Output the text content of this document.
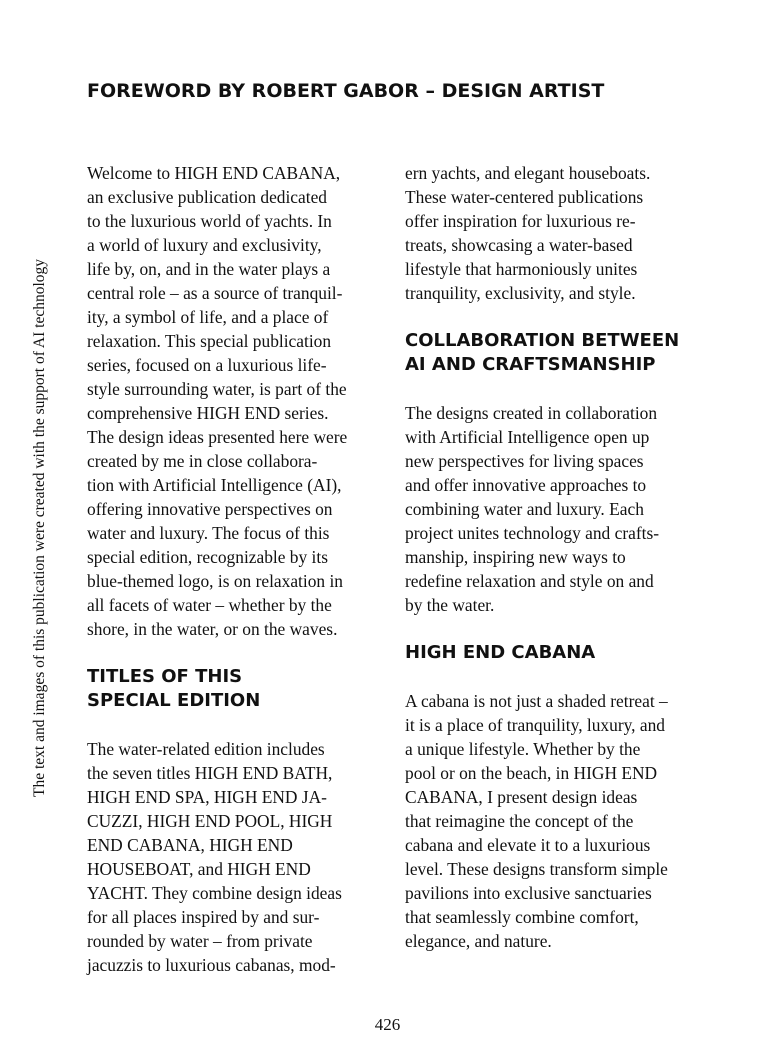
FOREWORD BY ROBERT GABOR – DESIGN ARTIST
The text and images of this publication were created with the support of AI technology
Welcome to HIGH END CABANA,
an exclusive publication dedicated
to the luxurious world of yachts. In
a world of luxury and exclusivity,
life by, on, and in the water plays a
central role – as a source of tranquil-
ity, a symbol of life, and a place of
relaxation. This special publication
series, focused on a luxurious life-
style surrounding water, is part of the
comprehensive HIGH END series.
The design ideas presented here were
created by me in close collabora-
tion with Artificial Intelligence (AI),
offering innovative perspectives on
water and luxury. The focus of this
special edition, recognizable by its
blue-themed logo, is on relaxation in
all facets of water – whether by the
shore, in the water, or on the waves.
TITLES OF THIS
SPECIAL EDITION
The water-related edition includes
the seven titles HIGH END BATH,
HIGH END SPA, HIGH END JA-
CUZZI, HIGH END POOL, HIGH
END CABANA, HIGH END
HOUSEBOAT, and HIGH END
YACHT. They combine design ideas
for all places inspired by and sur-
rounded by water – from private
jacuzzis to luxurious cabanas, mod-
ern yachts, and elegant houseboats.
These water-centered publications
offer inspiration for luxurious re-
treats, showcasing a water-based
lifestyle that harmoniously unites
tranquility, exclusivity, and style.
COLLABORATION BETWEEN
AI AND CRAFTSMANSHIP
The designs created in collaboration
with Artificial Intelligence open up
new perspectives for living spaces
and offer innovative approaches to
combining water and luxury. Each
project unites technology and crafts-
manship, inspiring new ways to
redefine relaxation and style on and
by the water.
HIGH END CABANA
A cabana is not just a shaded retreat –
it is a place of tranquility, luxury, and
a unique lifestyle. Whether by the
pool or on the beach, in HIGH END
CABANA, I present design ideas
that reimagine the concept of the
cabana and elevate it to a luxurious
level. These designs transform simple
pavilions into exclusive sanctuaries
that seamlessly combine comfort,
elegance, and nature.
426
